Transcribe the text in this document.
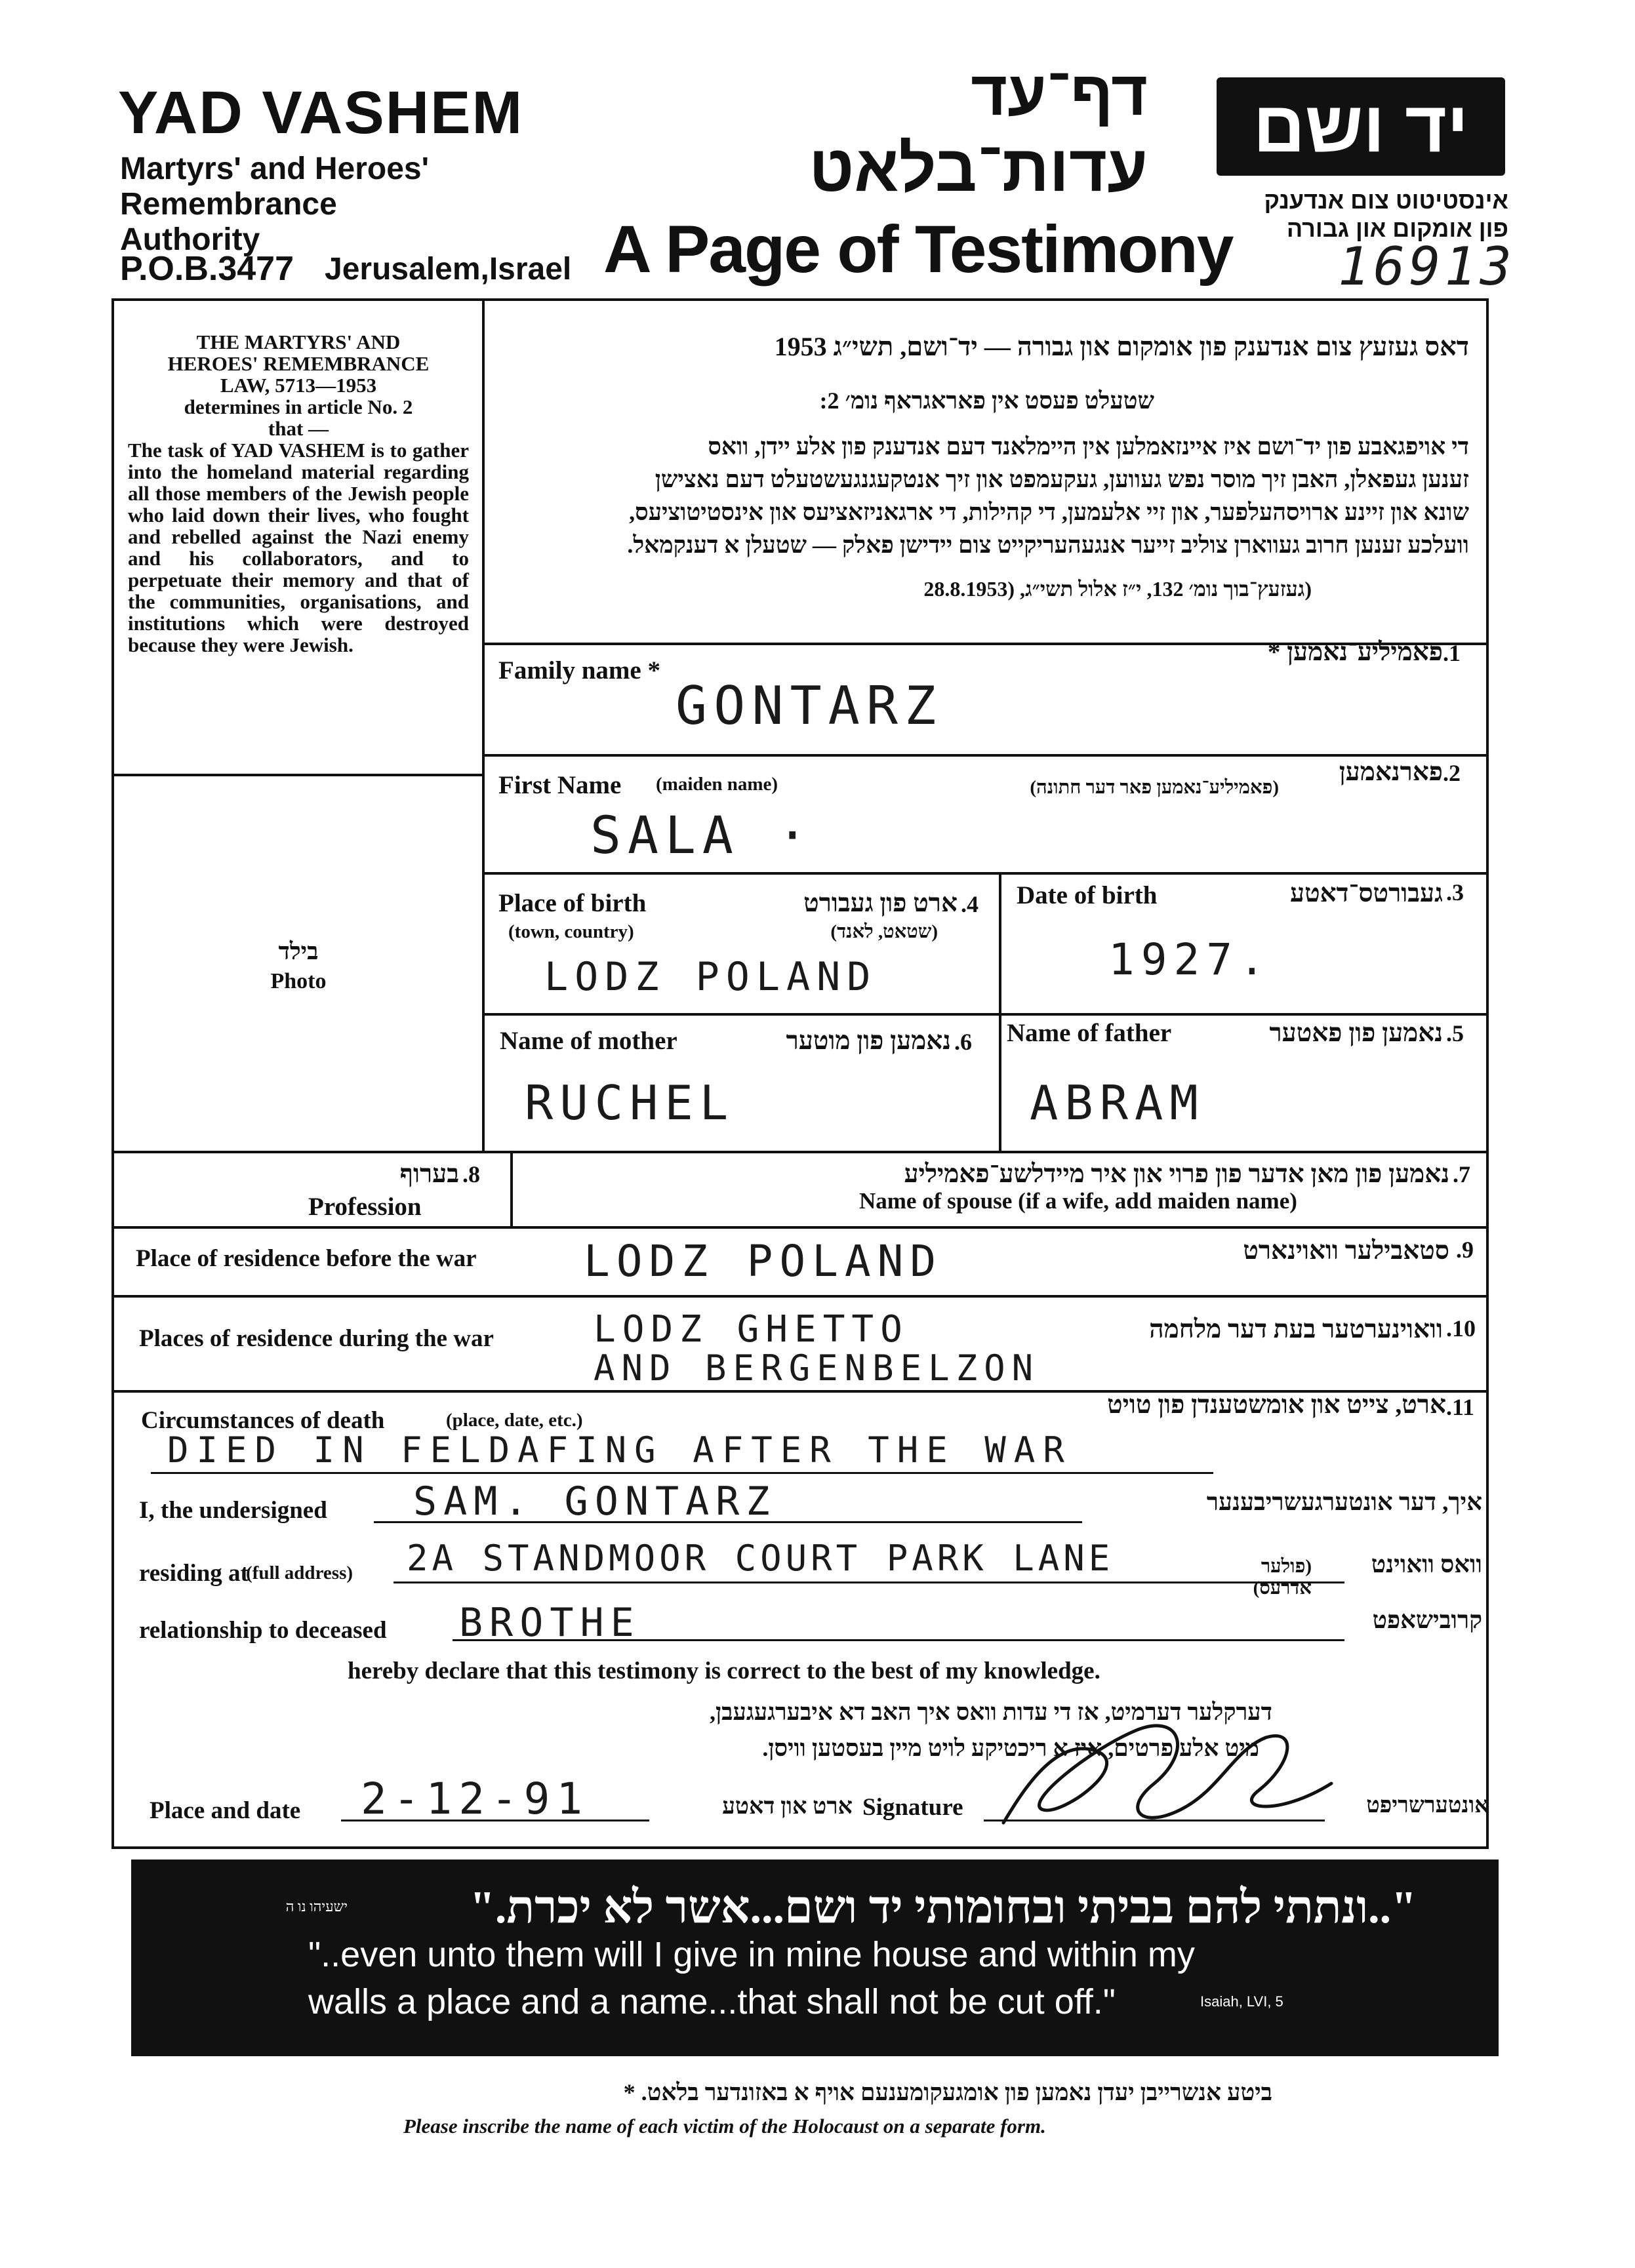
YAD VASHEM
Martyrs' and Heroes'
Remembrance
Authority
P.O.B.3477 Jerusalem,Israel A Page of Testimony
דף־עד
עדות־בלאט
יד ושם
אינסטיטוט צום אנדענק
פון אומקום און גבורה
16913
THE MARTYRS' AND
HEROES' REMEMBRANCE
LAW, 5713—1953
determines in article No. 2
that —
The task of YAD VASHEM is to gather into the homeland material regarding all those members of the Jewish people who laid down their lives, who fought and rebelled against the Nazi enemy and his collaborators, and to perpetuate their memory and that of the communities, organisations, and institutions which were destroyed because they were Jewish.
בילד
Photo
דאס געזעץ צום אנדענק פון אומקום און גבורה — יד־ושם, תשי״ג 1953
שטעלט פעסט אין פאראגראף נומ׳ 2:
די אויפגאבע פון יד־ושם איז איינזאמלען אין היימלאנד דעם אנדענק פון אלע יידן, וואס
זענען געפאלן, האבן זיך מוסר נפש געווען, געקעמפט און זיך אנטקעגנגעשטעלט דעם נאצישן
שונא און זיינע ארויסהעלפער, און זיי אלעמען, די קהילות, די ארגאניזאציעס און אינסטיטוציעס,
וועלכע זענען חרוב געווארן צוליב זייער אנגעהעריקייט צום יידישן פאלק — שטעלן א דענקמאל.
(געזעץ־בוך נומ׳ 132, י״ז אלול תשי״ג, (28.8.1953
Family name *
פאמיליע־נאמען * .1
GONTARZ
First Name (maiden name)	פארנאמען
(פאמיליע־נאמען פאר דער חתונה)
.2
SALA ·
Place of birth
(town, country)
ארט פון געבורט
(שטאט, לאנד)
.4
LODZ POLAND
Date of birth	געבורטס־דאטע .3
1927.
Name of mother	נאמען פון מוטער .6
RUCHEL
Name of father	נאמען פון פאטער .5
ABRAM
בערוף .8
Profession
נאמען פון מאן אדער פון פרוי און איר מיידלשע־פאמיליע .7
Name of spouse (if a wife, add maiden name)
Place of residence before the war	סטאבילער וואוינארט .9
LODZ POLAND
Places of residence during the war	וואוינערטער בעת דער מלחמה .10
LODZ GHETTO
AND BERGENBELZON
Circumstances of death	(place, date, etc.)
ארט, צייט און אומשטענדן פון טויט .11
DIED IN FELDAFING AFTER THE WAR
I, the undersigned SAM. GONTARZ	איך, דער אונטערגעשריבענער
residing at
(full address) 2A STANDMOOR COURT PARK LANE	(פולער אדרעס)
וואס וואוינט
relationship to deceased BROTHE	קרובישאפט
hereby declare that this testimony is correct to the best of my knowledge.
דערקלער דערמיט, אז די עדות וואס איך האב דא איבערגעגעבן,
מיט אלע פרטים, איז א ריכטיקע לויט מיין בעסטען וויסן.
Place and date 2-12-91	ארט און דאטע Signature	אונטערשריפט
"..ונתתי להם בביתי ובחומותי יד ושם...אשר לא יכרת."
ישעיהו נו ה
"..even unto them will I give in mine house and within my
walls a place and a name...that shall not be cut off."	Isaiah, LVI, 5
ביטע אנשרייבן יעדן נאמען פון אומגעקומענעם אויף א באזונדער בלאט. *
Please inscribe the name of each victim of the Holocaust on a separate form.
